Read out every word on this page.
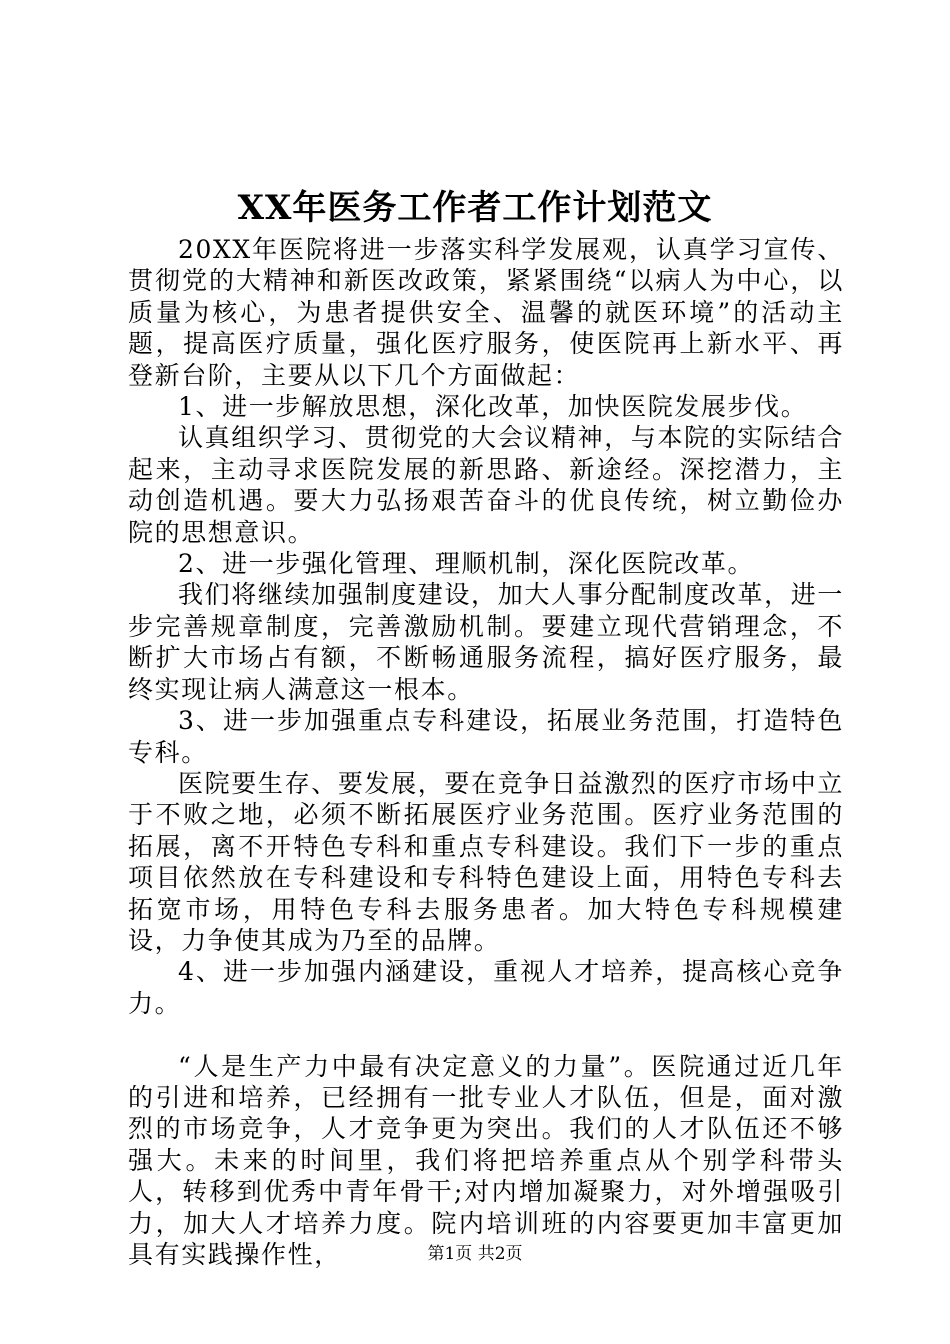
XX年医务工作者工作计划范文

20XX年医院将进一步落实科学发展观，认真学习宣传、贯彻党的大精神和新医改政策，紧紧围绕“以病人为中心，以质量为核心，为患者提供安全、温馨的就医环境”的活动主题，提高医疗质量，强化医疗服务，使医院再上新水平、再登新台阶，主要从以下几个方面做起：

1、进一步解放思想，深化改革，加快医院发展步伐。

认真组织学习、贯彻党的大会议精神，与本院的实际结合起来，主动寻求医院发展的新思路、新途经。深挖潜力，主动创造机遇。要大力弘扬艰苦奋斗的优良传统，树立勤俭办院的思想意识。

2、进一步强化管理、理顺机制，深化医院改革。

我们将继续加强制度建设，加大人事分配制度改革，进一步完善规章制度，完善激励机制。要建立现代营销理念，不断扩大市场占有额，不断畅通服务流程，搞好医疗服务，最终实现让病人满意这一根本。

3、进一步加强重点专科建设，拓展业务范围，打造特色专科。

医院要生存、要发展，要在竞争日益激烈的医疗市场中立于不败之地，必须不断拓展医疗业务范围。医疗业务范围的拓展，离不开特色专科和重点专科建设。我们下一步的重点项目依然放在专科建设和专科特色建设上面，用特色专科去拓宽市场，用特色专科去服务患者。加大特色专科规模建设，力争使其成为乃至的品牌。

4、进一步加强内涵建设，重视人才培养，提高核心竞争力。

“人是生产力中最有决定意义的力量”。医院通过近几年的引进和培养，已经拥有一批专业人才队伍，但是，面对激烈的市场竞争，人才竞争更为突出。我们的人才队伍还不够强大。未来的时间里，我们将把培养重点从个别学科带头人，转移到优秀中青年骨干;对内增加凝聚力，对外增强吸引力，加大人才培养力度。院内培训班的内容要更加丰富更加具有实践操作性，	第1页 共2页
